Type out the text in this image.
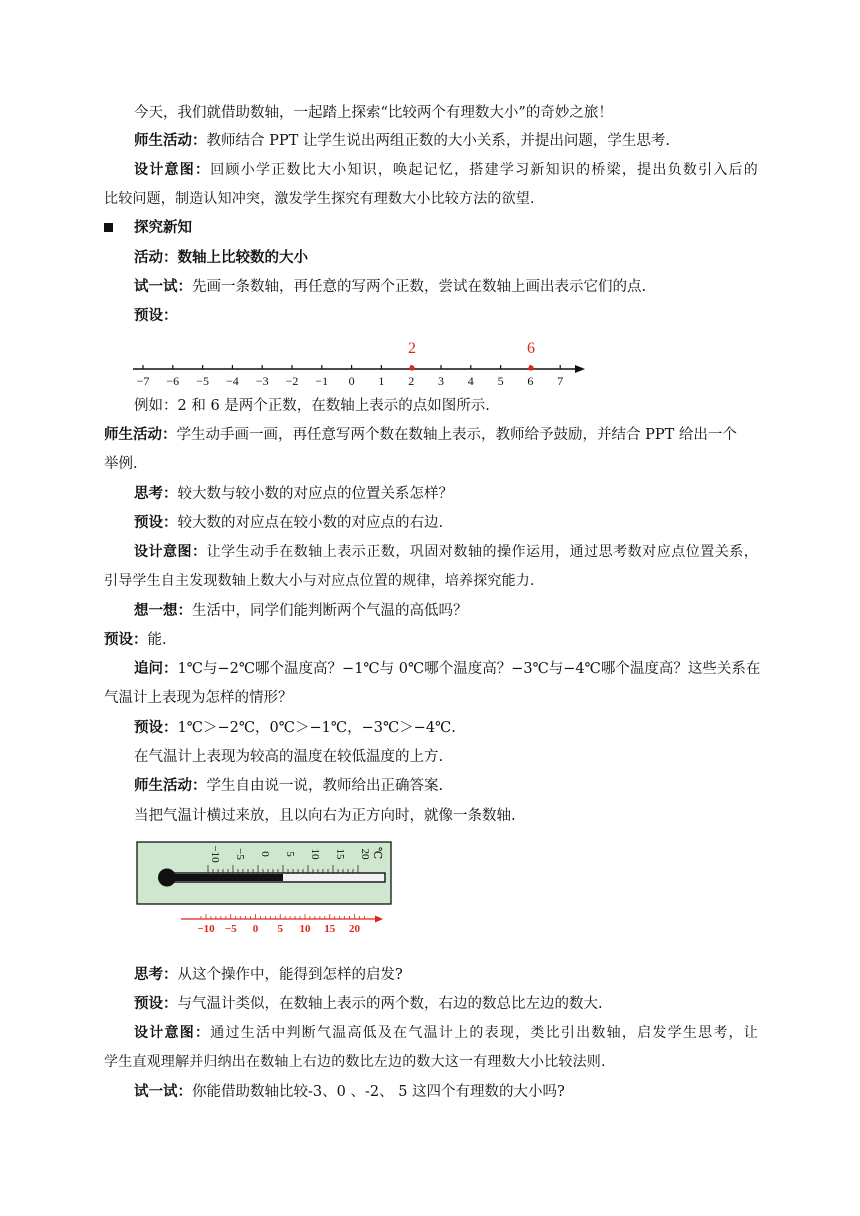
今天，我们就借助数轴，一起踏上探索“比较两个有理数大小”的奇妙之旅！
师生活动：教师结合 PPT 让学生说出两组正数的大小关系，并提出问题，学生思考.
设计意图：回顾小学正数比大小知识，唤起记忆，搭建学习新知识的桥梁，提出负数引入后的
比较问题，制造认知冲突，激发学生探究有理数大小比较方法的欲望.
探究新知
活动：数轴上比较数的大小
试一试：先画一条数轴，再任意的写两个正数，尝试在数轴上画出表示它们的点.
预设：
−7 −6 −5 −4 −3 −2 −1 0 1 2 3 4 5 6 7
2	6
例如：2 和 6 是两个正数，在数轴上表示的点如图所示.
师生活动：学生动手画一画，再任意写两个数在数轴上表示，教师给予鼓励，并结合 PPT 给出一个
举例.
思考：较大数与较小数的对应点的位置关系怎样？
预设：较大数的对应点在较小数的对应点的右边.
设计意图：让学生动手在数轴上表示正数，巩固对数轴的操作运用，通过思考数对应点位置关系，
引导学生自主发现数轴上数大小与对应点位置的规律，培养探究能力.
想一想：生活中，同学们能判断两个气温的高低吗？
预设：能.
追问：1℃与−2℃哪个温度高？−1℃与 0℃哪个温度高？−3℃与−4℃哪个温度高？这些关系在
气温计上表现为怎样的情形？
预设：1℃＞−2℃，0℃＞−1℃，−3℃＞−4℃.
在气温计上表现为较高的温度在较低温度的上方.
师生活动：学生自由说一说，教师给出正确答案.
当把气温计横过来放，且以向右为正方向时，就像一条数轴.
−10 −5 0 5 10 15 20 ℃
−10 −5 0 5 10 15 20
思考：从这个操作中，能得到怎样的启发?
预设：与气温计类似，在数轴上表示的两个数，右边的数总比左边的数大.
设计意图：通过生活中判断气温高低及在气温计上的表现，类比引出数轴，启发学生思考，让
学生直观理解并归纳出在数轴上右边的数比左边的数大这一有理数大小比较法则.
试一试：你能借助数轴比较-3、0 、-2、 5 这四个有理数的大小吗?
